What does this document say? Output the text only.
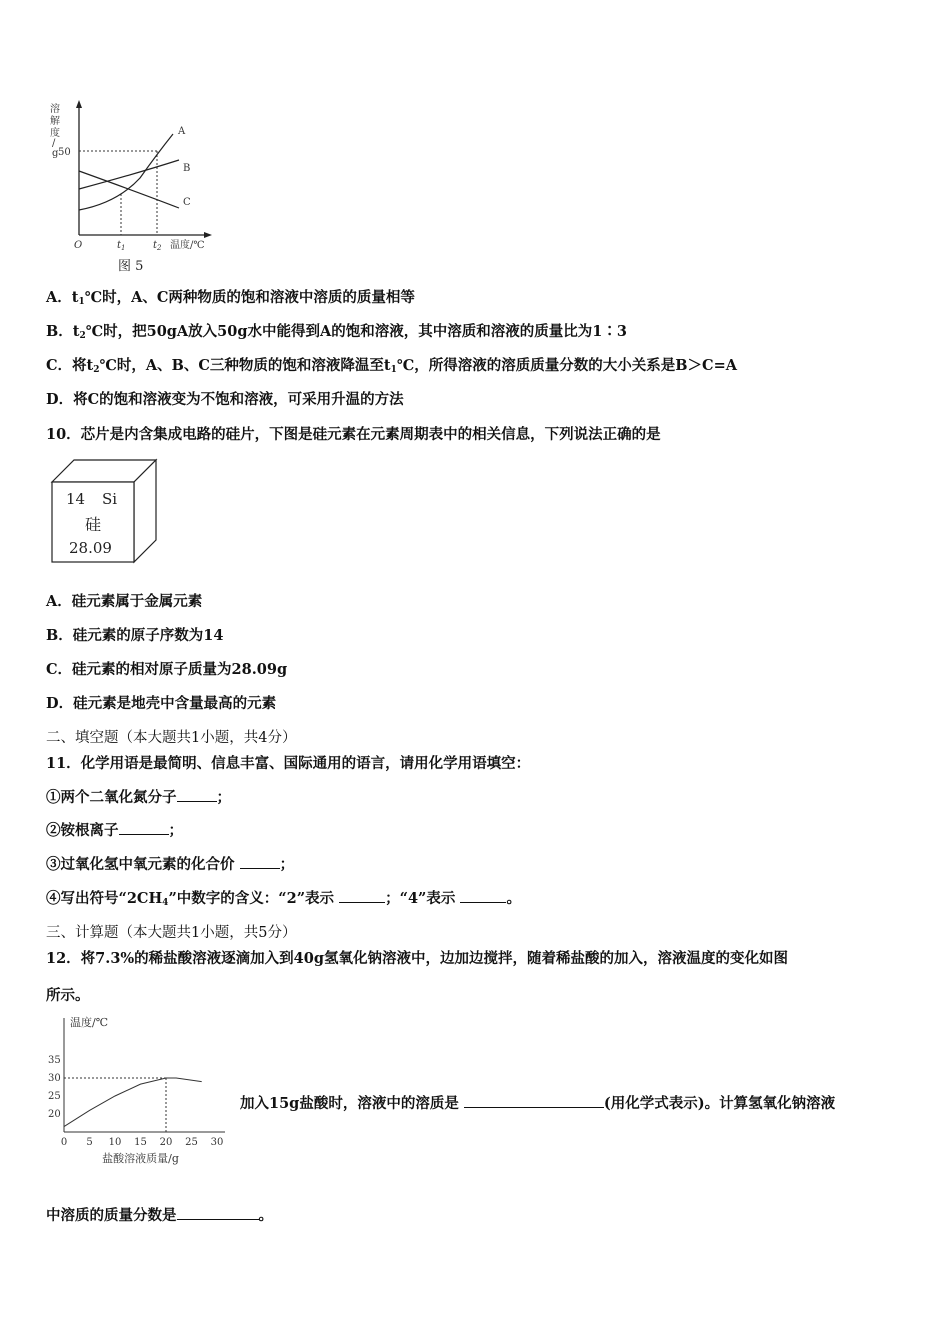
溶
解
度
/
g 50
A
B
C
O	$t_1$	$t_2$ 温度/℃
图 5
A．$t_1℃$时，A、C两种物质的饱和溶液中溶质的质量相等
B．$t_2℃$时，把50gA放入50g水中能得到A的饱和溶液，其中溶质和溶液的质量比为1∶3
C．将$t_2℃$时，A、B、C三种物质的饱和溶液降温至$t_1℃$，所得溶液的溶质质量分数的大小关系是B＞C=A
D．将C的饱和溶液变为不饱和溶液，可采用升温的方法
10．芯片是内含集成电路的硅片，下图是硅元素在元素周期表中的相关信息，下列说法正确的是
14 Si
硅
28.09
A．硅元素属于金属元素
B．硅元素的原子序数为14
C．硅元素的相对原子质量为28.09g
D．硅元素是地壳中含量最高的元素
二、填空题（本大题共1小题，共4分）
11．化学用语是最简明、信息丰富、国际通用的语言，请用化学用语填空：
①两个二氧化氮分子	；
②铵根离子	；
③过氧化氢中氧元素的化合价	；
④写出符号“$2CH_4$”中数字的含义：“2”表示	；“4”表示	。
三、计算题（本大题共1小题，共5分）
12．将7.3%的稀盐酸溶液逐滴加入到40g氢氧化钠溶液中，边加边搅拌，随着稀盐酸的加入，溶液温度的变化如图
所示。
温度/℃
20
25
30
35
0 5 10 15 20 25 30
盐酸溶液质量/g
加入15g盐酸时，溶液中的溶质是	(用化学式表示)。计算氢氧化钠溶液
中溶质的质量分数是	。
